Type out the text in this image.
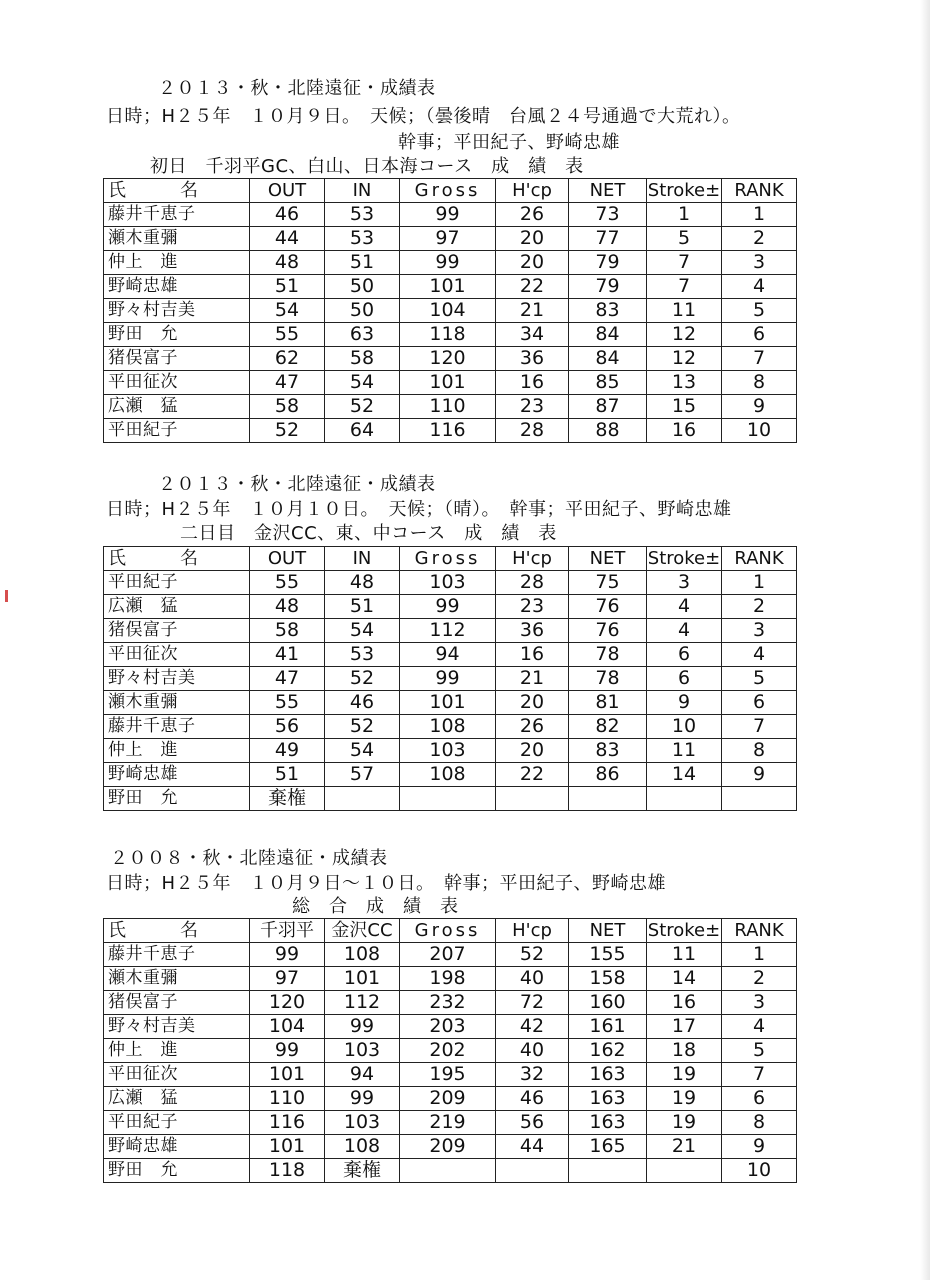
２０１３・秋・北陸遠征・成績表
日時；H２５年　１０月９日。　天候；（曇後晴　台風２４号通過で大荒れ）。
幹事；平田紀子、野崎忠雄
初日　千羽平GC、白山、日本海コース　成　績　表
氏　名	OUT	IN	Gross	H'cp	NET	Stroke±	RANK
藤井千恵子	46	53	99	26	73	1	1
瀬木重彌	44	53	97	20	77	5	2
仲上　進	48	51	99	20	79	7	3
野崎忠雄	51	50	101	22	79	7	4
野々村吉美	54	50	104	21	83	11	5
野田　允	55	63	118	34	84	12	6
猪俣富子	62	58	120	36	84	12	7
平田征次	47	54	101	16	85	13	8
広瀬　猛	58	52	110	23	87	15	9
平田紀子	52	64	116	28	88	16	10
２０１３・秋・北陸遠征・成績表
日時；H２５年　１０月１０日。　天候；（晴）。　幹事；平田紀子、野崎忠雄
二日目　金沢CC、東、中コース　成　績　表
氏　名	OUT	IN	Gross	H'cp	NET	Stroke±	RANK
平田紀子	55	48	103	28	75	3	1
広瀬　猛	48	51	99	23	76	4	2
猪俣富子	58	54	112	36	76	4	3
平田征次	41	53	94	16	78	6	4
野々村吉美	47	52	99	21	78	6	5
瀬木重彌	55	46	101	20	81	9	6
藤井千恵子	56	52	108	26	82	10	7
仲上　進	49	54	103	20	83	11	8
野崎忠雄	51	57	108	22	86	14	9
野田　允	棄権						
２００８・秋・北陸遠征・成績表
日時；H２５年　１０月９日～１０日。　幹事；平田紀子、野崎忠雄
総　合　成　績　表
氏　名	千羽平	金沢CC	Gross	H'cp	NET	Stroke±	RANK
藤井千恵子	99	108	207	52	155	11	1
瀬木重彌	97	101	198	40	158	14	2
猪俣富子	120	112	232	72	160	16	3
野々村吉美	104	99	203	42	161	17	4
仲上　進	99	103	202	40	162	18	5
平田征次	101	94	195	32	163	19	7
広瀬　猛	110	99	209	46	163	19	6
平田紀子	116	103	219	56	163	19	8
野崎忠雄	101	108	209	44	165	21	9
野田　允	118	棄権					10
